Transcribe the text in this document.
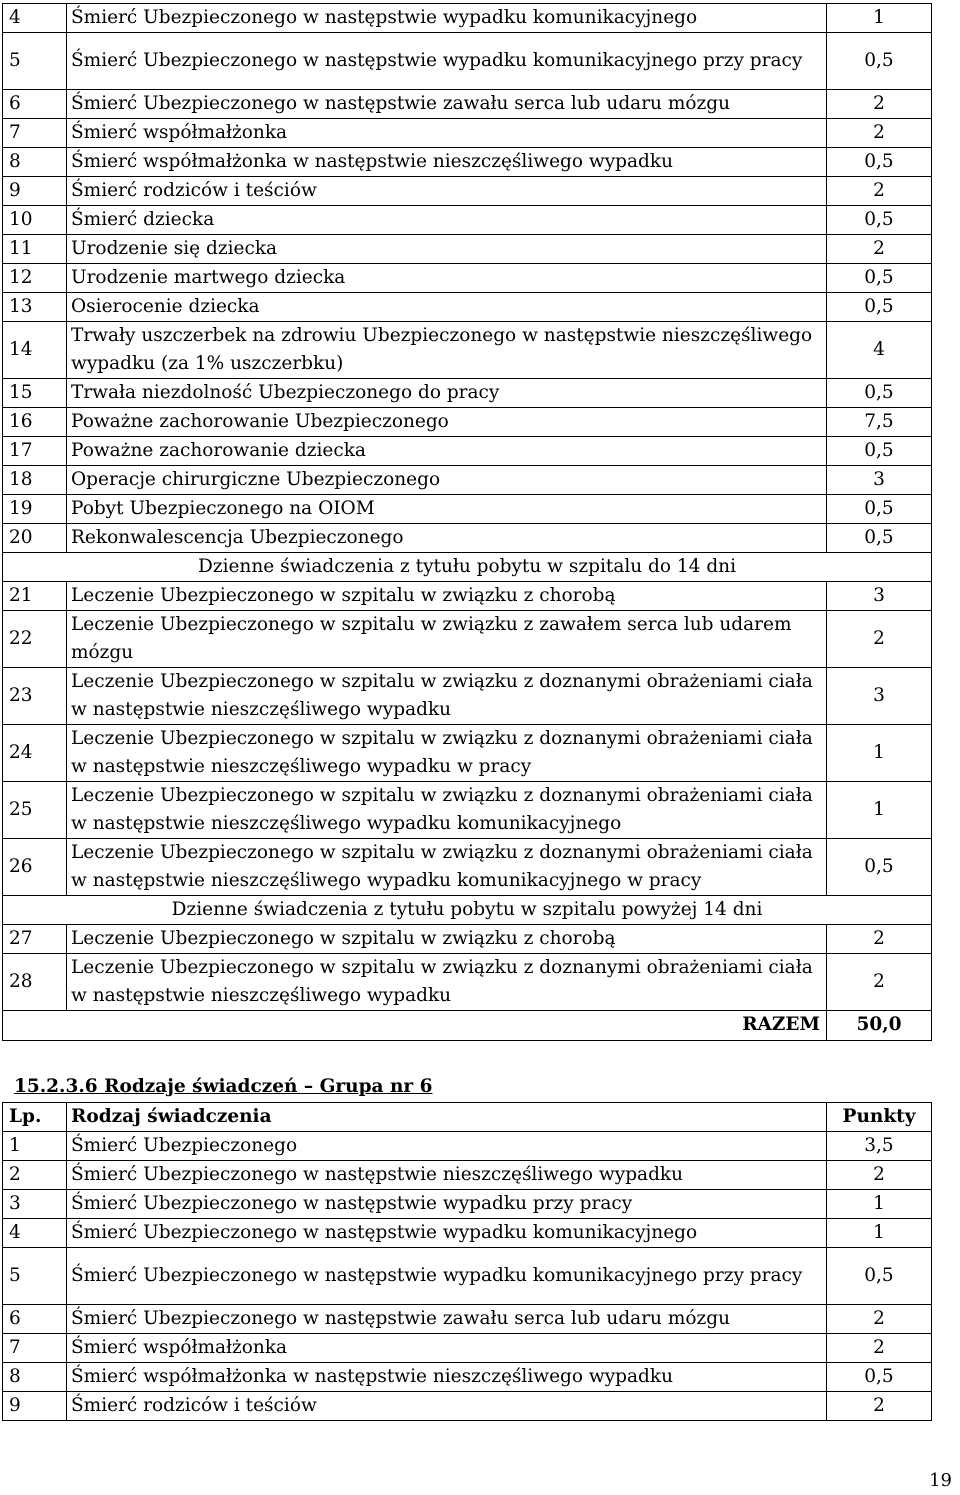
4	Śmierć Ubezpieczonego w następstwie wypadku komunikacyjnego	1
5	Śmierć Ubezpieczonego w następstwie wypadku komunikacyjnego przy pracy	0,5
6	Śmierć Ubezpieczonego w następstwie zawału serca lub udaru mózgu	2
7	Śmierć współmałżonka	2
8	Śmierć współmałżonka w następstwie nieszczęśliwego wypadku	0,5
9	Śmierć rodziców i teściów	2
10	Śmierć dziecka	0,5
11	Urodzenie się dziecka	2
12	Urodzenie martwego dziecka	0,5
13	Osierocenie dziecka	0,5
14	Trwały uszczerbek na zdrowiu Ubezpieczonego w następstwie nieszczęśliwego wypadku (za 1% uszczerbku)	4
15	Trwała niezdolność Ubezpieczonego do pracy	0,5
16	Poważne zachorowanie Ubezpieczonego	7,5
17	Poważne zachorowanie dziecka	0,5
18	Operacje chirurgiczne Ubezpieczonego	3
19	Pobyt Ubezpieczonego na OIOM	0,5
20	Rekonwalescencja Ubezpieczonego	0,5
Dzienne świadczenia z tytułu pobytu w szpitalu do 14 dni		
21	Leczenie Ubezpieczonego w szpitalu w związku z chorobą	3
22	Leczenie Ubezpieczonego w szpitalu w związku z zawałem serca lub udarem mózgu	2
23	Leczenie Ubezpieczonego w szpitalu w związku z doznanymi obrażeniami ciała w następstwie nieszczęśliwego wypadku	3
24	Leczenie Ubezpieczonego w szpitalu w związku z doznanymi obrażeniami ciała w następstwie nieszczęśliwego wypadku w pracy	1
25	Leczenie Ubezpieczonego w szpitalu w związku z doznanymi obrażeniami ciała w następstwie nieszczęśliwego wypadku komunikacyjnego	1
26	Leczenie Ubezpieczonego w szpitalu w związku z doznanymi obrażeniami ciała w następstwie nieszczęśliwego wypadku komunikacyjnego w pracy	0,5
Dzienne świadczenia z tytułu pobytu w szpitalu powyżej 14 dni		
27	Leczenie Ubezpieczonego w szpitalu w związku z chorobą	2
28	Leczenie Ubezpieczonego w szpitalu w związku z doznanymi obrażeniami ciała w następstwie nieszczęśliwego wypadku	2
RAZEM		50,0
15.2.3.6 Rodzaje świadczeń – Grupa nr 6
Lp.	Rodzaj świadczenia	Punkty
1	Śmierć Ubezpieczonego	3,5
2	Śmierć Ubezpieczonego w następstwie nieszczęśliwego wypadku	2
3	Śmierć Ubezpieczonego w następstwie wypadku przy pracy	1
4	Śmierć Ubezpieczonego w następstwie wypadku komunikacyjnego	1
5	Śmierć Ubezpieczonego w następstwie wypadku komunikacyjnego przy pracy	0,5
6	Śmierć Ubezpieczonego w następstwie zawału serca lub udaru mózgu	2
7	Śmierć współmałżonka	2
8	Śmierć współmałżonka w następstwie nieszczęśliwego wypadku	0,5
9	Śmierć rodziców i teściów	2
19
